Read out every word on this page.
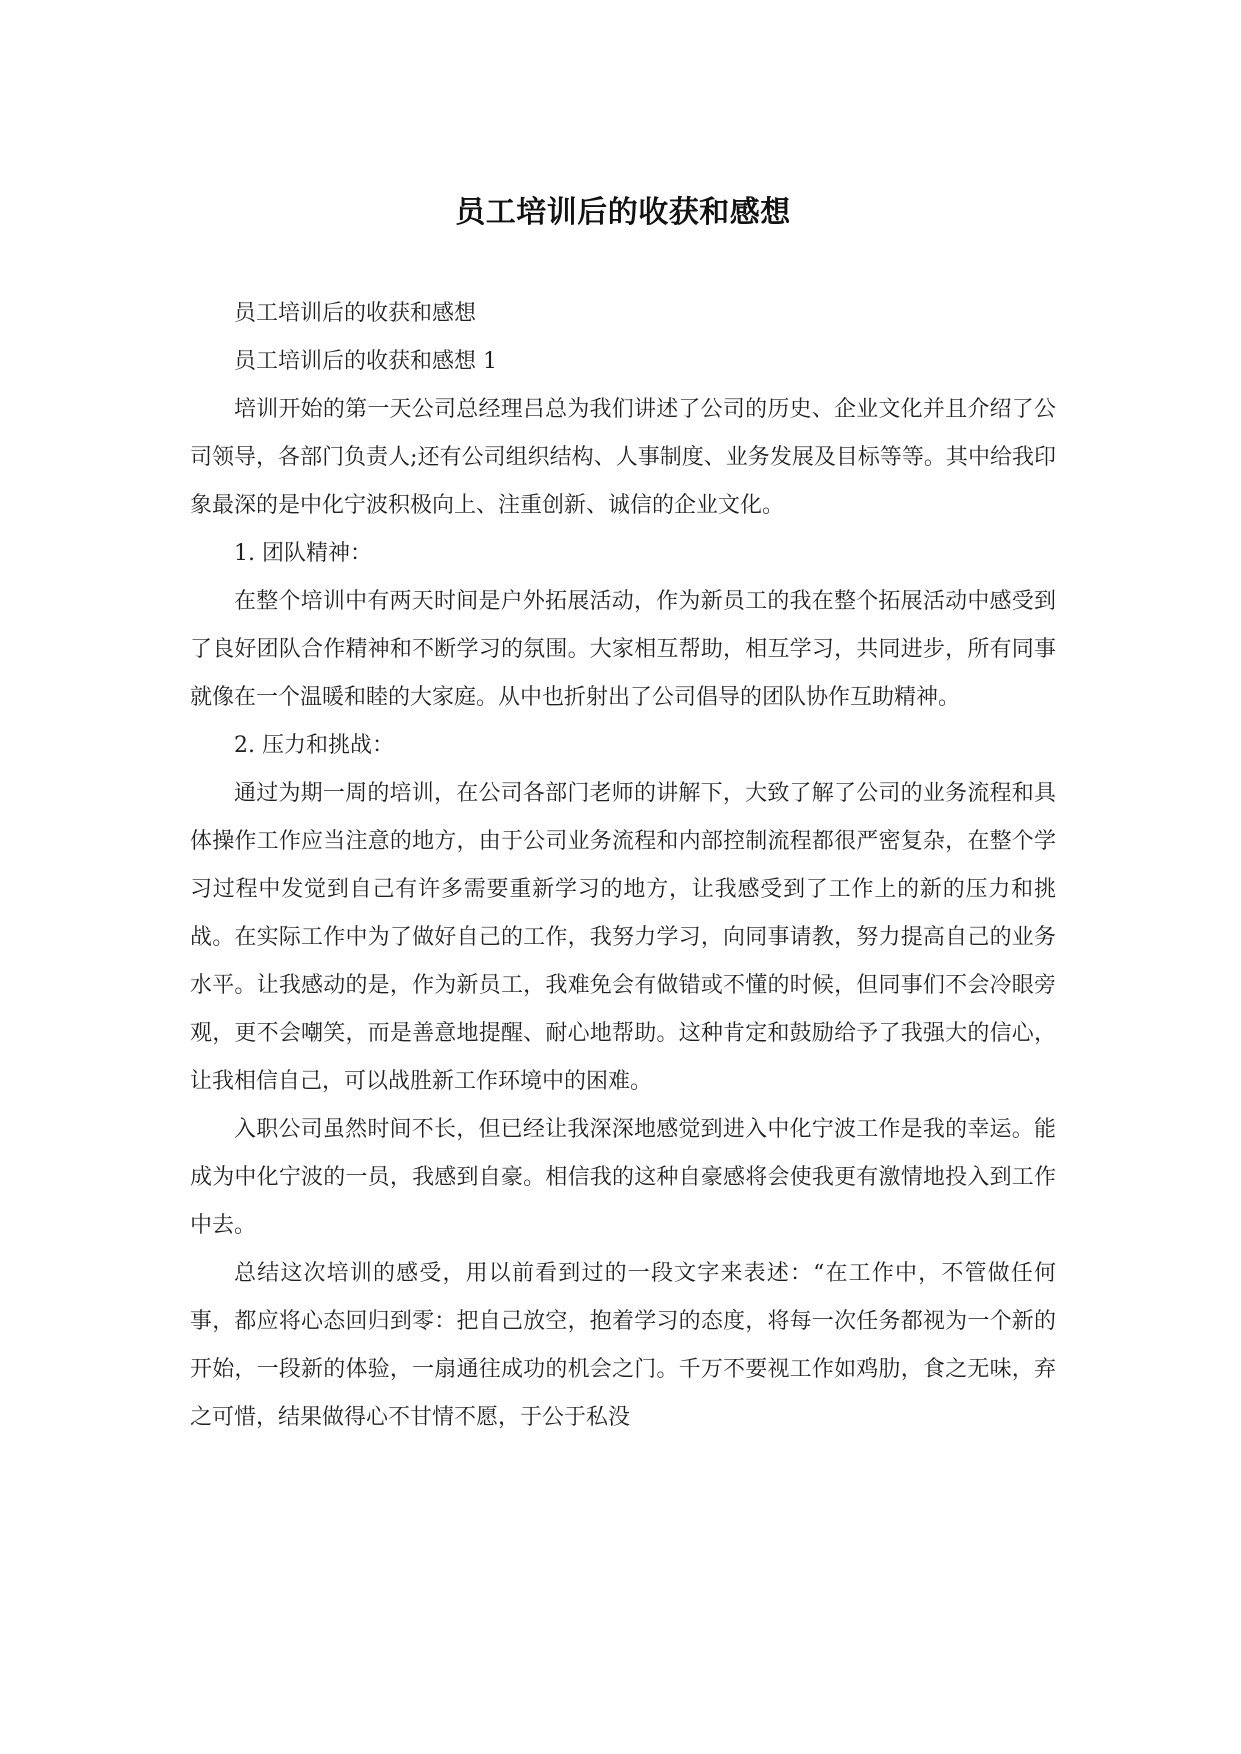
员工培训后的收获和感想

员工培训后的收获和感想

员工培训后的收获和感想 1

培训开始的第一天公司总经理吕总为我们讲述了公司的历史、企业文化并且介绍了公司领导，各部门负责人;还有公司组织结构、人事制度、业务发展及目标等等。其中给我印象最深的是中化宁波积极向上、注重创新、诚信的企业文化。

1. 团队精神：

在整个培训中有两天时间是户外拓展活动，作为新员工的我在整个拓展活动中感受到了良好团队合作精神和不断学习的氛围。大家相互帮助，相互学习，共同进步，所有同事就像在一个温暖和睦的大家庭。从中也折射出了公司倡导的团队协作互助精神。

2. 压力和挑战：

通过为期一周的培训，在公司各部门老师的讲解下，大致了解了公司的业务流程和具体操作工作应当注意的地方，由于公司业务流程和内部控制流程都很严密复杂，在整个学习过程中发觉到自己有许多需要重新学习的地方，让我感受到了工作上的新的压力和挑战。在实际工作中为了做好自己的工作，我努力学习，向同事请教，努力提高自己的业务水平。让我感动的是，作为新员工，我难免会有做错或不懂的时候，但同事们不会冷眼旁观，更不会嘲笑，而是善意地提醒、耐心地帮助。这种肯定和鼓励给予了我强大的信心，让我相信自己，可以战胜新工作环境中的困难。

入职公司虽然时间不长，但已经让我深深地感觉到进入中化宁波工作是我的幸运。能成为中化宁波的一员，我感到自豪。相信我的这种自豪感将会使我更有激情地投入到工作中去。

总结这次培训的感受，用以前看到过的一段文字来表述：“在工作中，不管做任何事，都应将心态回归到零：把自己放空，抱着学习的态度，将每一次任务都视为一个新的开始，一段新的体验，一扇通往成功的机会之门。千万不要视工作如鸡肋，食之无味，弃之可惜，结果做得心不甘情不愿，于公于私没
